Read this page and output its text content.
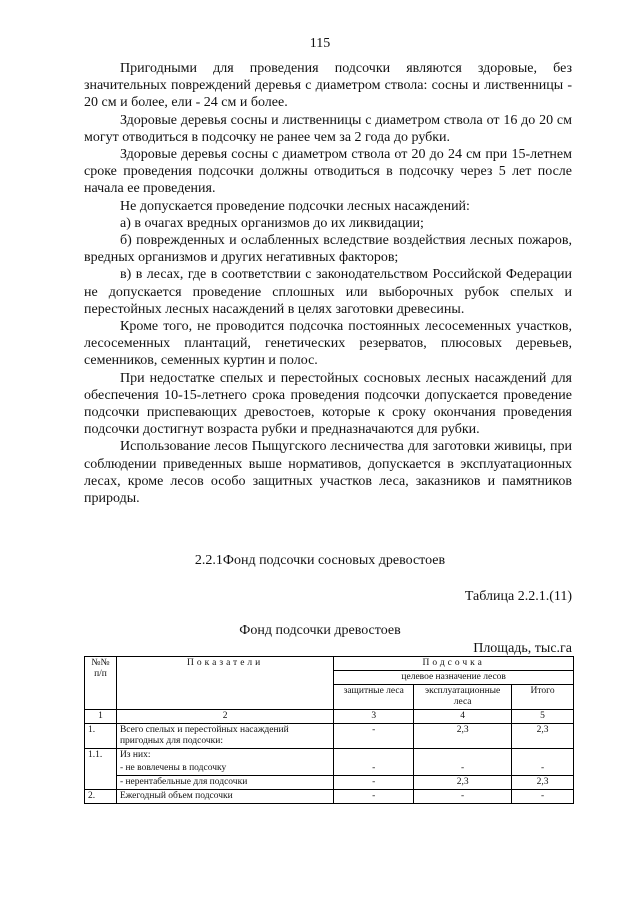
115

Пригодными для проведения подсочки являются здоровые, без значительных повреждений деревья с диаметром ствола: сосны и лиственницы - 20 см и более, ели - 24 см и более.

Здоровые деревья сосны и лиственницы с диаметром ствола от 16 до 20 см могут отводиться в подсочку не ранее чем за 2 года до рубки.

Здоровые деревья сосны с диаметром ствола от 20 до 24 см при 15-летнем сроке проведения подсочки должны отводиться в подсочку через 5 лет после начала ее проведения.

Не допускается проведение подсочки лесных насаждений:

а) в очагах вредных организмов до их ликвидации;

б) поврежденных и ослабленных вследствие воздействия лесных пожаров, вредных организмов и других негативных факторов;

в) в лесах, где в соответствии с законодательством Российской Федерации не допускается проведение сплошных или выборочных рубок спелых и перестойных лесных насаждений в целях заготовки древесины.

Кроме того, не проводится подсочка постоянных лесосеменных участков, лесосеменных плантаций, генетических резерватов, плюсовых деревьев, семенников, семенных куртин и полос.

При недостатке спелых и перестойных сосновых лесных насаждений для обеспечения 10-15-летнего срока проведения подсочки допускается проведение подсочки приспевающих древостоев, которые к сроку окончания проведения подсочки достигнут возраста рубки и предназначаются для рубки.

Использование лесов Пыщугского лесничества для заготовки живицы, при соблюдении приведенных выше нормативов, допускается в эксплуатационных лесах, кроме лесов особо защитных участков леса, заказников и памятников природы.

2.2.1Фонд подсочки сосновых древостоев
Таблица 2.2.1.(11)
Фонд подсочки древостоев
Площадь, тыс.га
№№ п/п	Показатели	Подсочка		
		целевое назначение лесов		
		защитные леса	эксплуатационные леса	Итого
1	2	3	4	5
1.	Всего спелых и перестойных насаждений пригодных для подсочки:	-	2,3	2,3
1.1.	Из них:			
	- не вовлечены в подсочку	-	-	-
	- нерентабельные для подсочки	-	2,3	2,3
2.	Ежегодный объем подсочки	-	-	-
